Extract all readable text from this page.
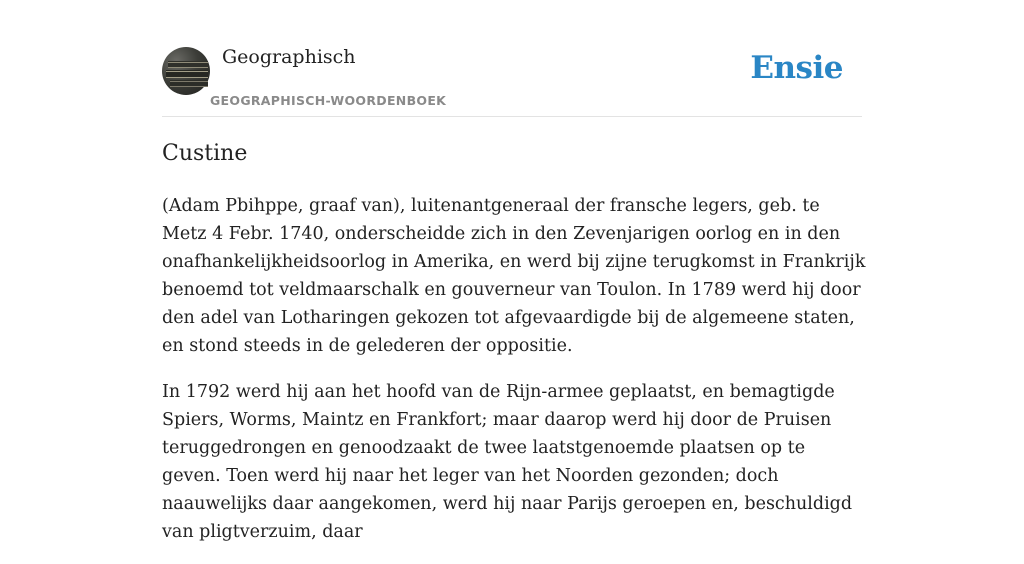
Geographisch
GEOGRAPHISCH-WOORDENBOEK
Ensie
Custine

(Adam Pbihppe, graaf van), luitenantgeneraal der fransche legers, geb. te Metz 4 Febr. 1740, onderscheidde zich in den Zevenjarigen oorlog en in den onafhankelijkheidsoorlog in Amerika, en werd bij zijne terugkomst in Frankrijk benoemd tot veldmaarschalk en gouverneur van Toulon. In 1789 werd hij door den adel van Lotharingen gekozen tot afgevaardigde bij de algemeene staten, en stond steeds in de gelederen der oppositie.

In 1792 werd hij aan het hoofd van de Rijn-armee geplaatst, en bemagtigde Spiers, Worms, Maintz en Frankfort; maar daarop werd hij door de Pruisen teruggedrongen en genoodzaakt de twee laatstgenoemde plaatsen op te geven. Toen werd hij naar het leger van het Noorden gezonden; doch naauwelijks daar aangekomen, werd hij naar Parijs geroepen en, beschuldigd van pligtverzuim, daar
